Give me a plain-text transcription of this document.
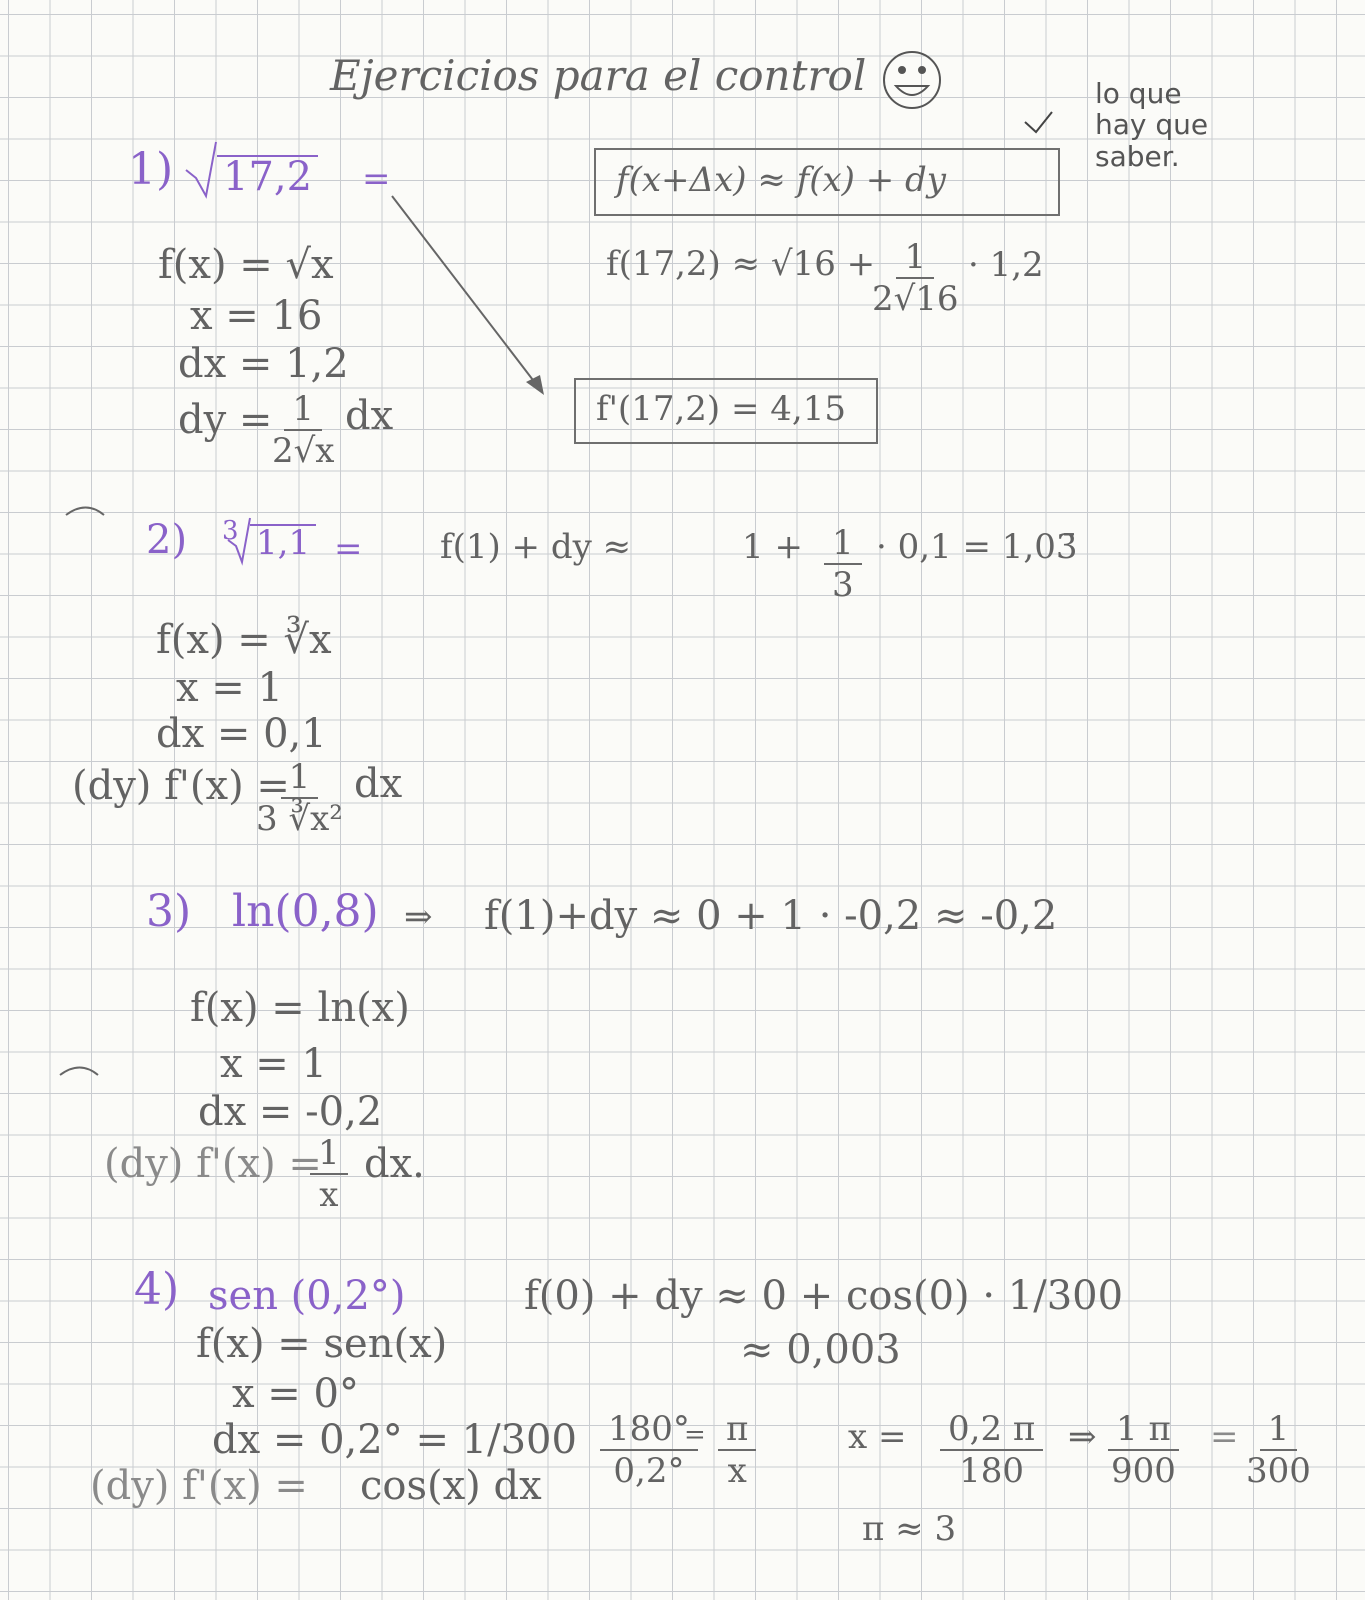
Ejercicios para el control	lo que
hay que
saber.
f(x+Δx) ≈ f(x) + dy
1) 17,2 =
f(x) = √x
x = 16
dx = 1,2
dy = $\frac{1}{2√x}$ dx
f(17,2) ≈ √16 +
$\frac{1}{2√16} \cdot 1,2$
f'(17,2) = 4,15
2) 3 1,1 = f(1) + dy ≈	$1 + \frac{1}{3} \cdot 0,1$ = 1,03̄
f(x) = ∛x
x = 1
dx = 0,1
(dy) f'(x) =
$\frac{1}{\text{3 ∛x²}}$ dx
3) ln(0,8) ⇒ f(1)+dy ≈ 0 + 1 · -0,2 ≈ -0,2
f(x) = ln(x)
x = 1
dx = -0,2
(dy) f'(x) =
$\frac{1}{x}$ dx.
4) sen (0,2°)	f(0) + dy ≈ 0 + cos(0) · 1/300
≈ 0,003
f(x) = sen(x)
x = 0°
dx = 0,2° = 1/300
(dy) f'(x) = cos(x) dx $\frac{180^\circ}{0,2^\circ}$
= $\frac{\pi}{x}$	$x = \frac{0,2 \pi}{180}$ ⇒ $\frac{1 \pi}{900} = \frac{1}{300}$
π ≈ 3
